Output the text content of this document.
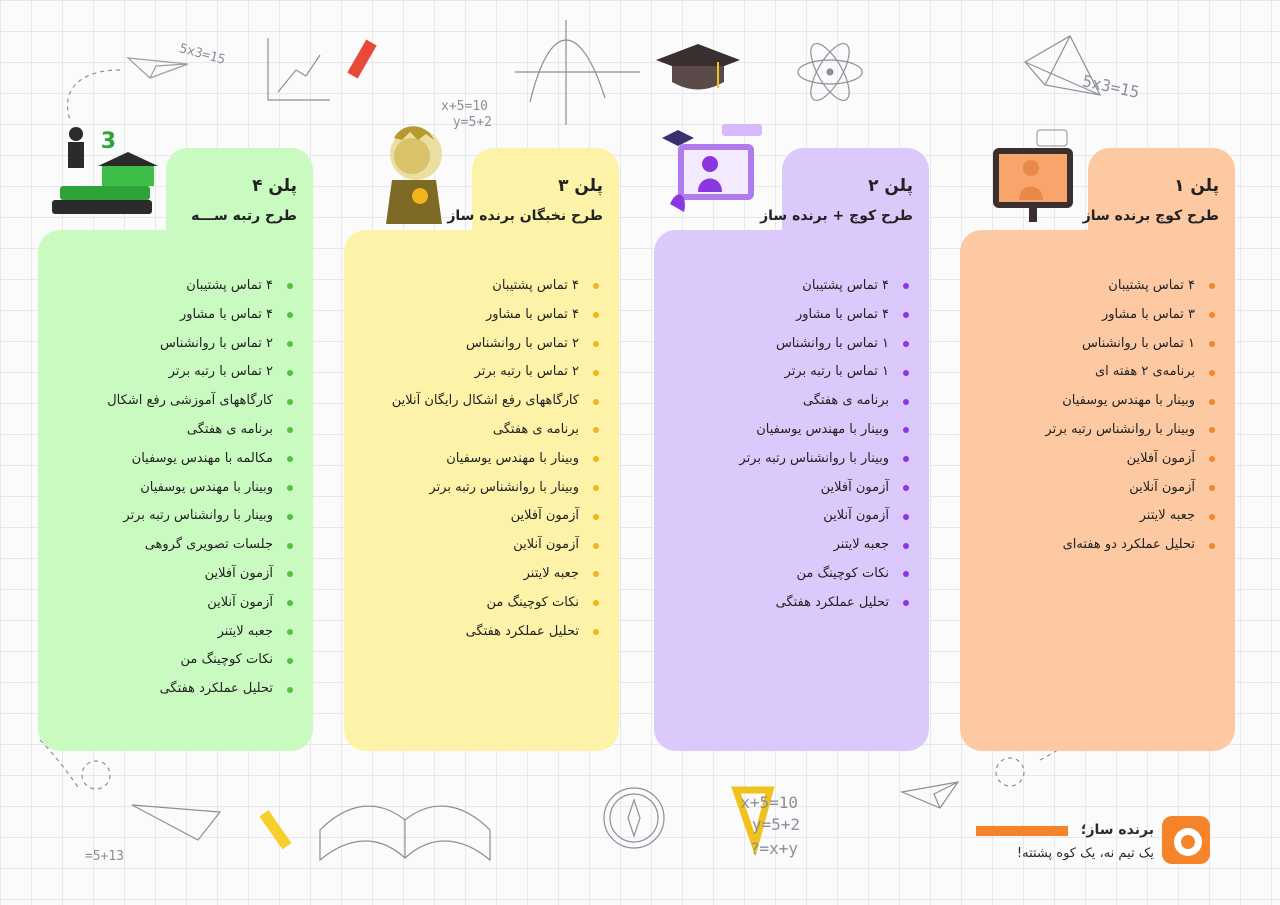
5x3=15
x+5=10
2+y=5
5x3=15
x+5=10
2+y=5
x+y=?
5+13=
۴ تماس پشتیبان
۳ تماس با مشاور
۱ تماس با روانشناس
برنامه‌ی ۲ هفته ای
وبینار با مهندس یوسفیان
وبینار با روانشناس رتبه برتر
آزمون آفلاین
آزمون آنلاین
جعبه لایتنر
تحلیل عملکرد دو هفته‌ای
پلن ۱
طرح کوچ برنده ساز
۴ تماس پشتیبان
۴ تماس با مشاور
۱ تماس با روانشناس
۱ تماس با رتبه برتر
برنامه ی هفتگی
وبینار با مهندس یوسفیان
وبینار با روانشناس رتبه برتر
آزمون آفلاین
آزمون آنلاین
جعبه لایتنر
نکات کوچینگ من
تحلیل عملکرد هفتگی
پلن ۲
طرح کوچ + برنده ساز
۴ تماس پشتیبان
۴ تماس با مشاور
۲ تماس با روانشناس
۲ تماس با رتبه برتر
کارگاههای رفع اشکال رایگان آنلاین
برنامه ی هفتگی
وبینار با مهندس یوسفیان
وبینار با روانشناس رتبه برتر
آزمون آفلاین
آزمون آنلاین
جعبه لایتنر
نکات کوچینگ من
تحلیل عملکرد هفتگی
پلن ۳
طرح نخبگان برنده ساز
۴ تماس پشتیبان
۴ تماس با مشاور
۲ تماس با روانشناس
۲ تماس با رتبه برتر
کارگاههای آموزشی رفع اشکال
برنامه ی هفتگی
مکالمه با مهندس یوسفیان
وبینار با مهندس یوسفیان
وبینار با روانشناس رتبه برتر
جلسات تصویری گروهی
آزمون آفلاین
آزمون آنلاین
جعبه لایتنر
نکات کوچینگ من
تحلیل عملکرد هفتگی
پلن ۴
طرح رتبه ســـه
3
برنده ساز؛
یک تیم نه، یک کوه پشتته!
